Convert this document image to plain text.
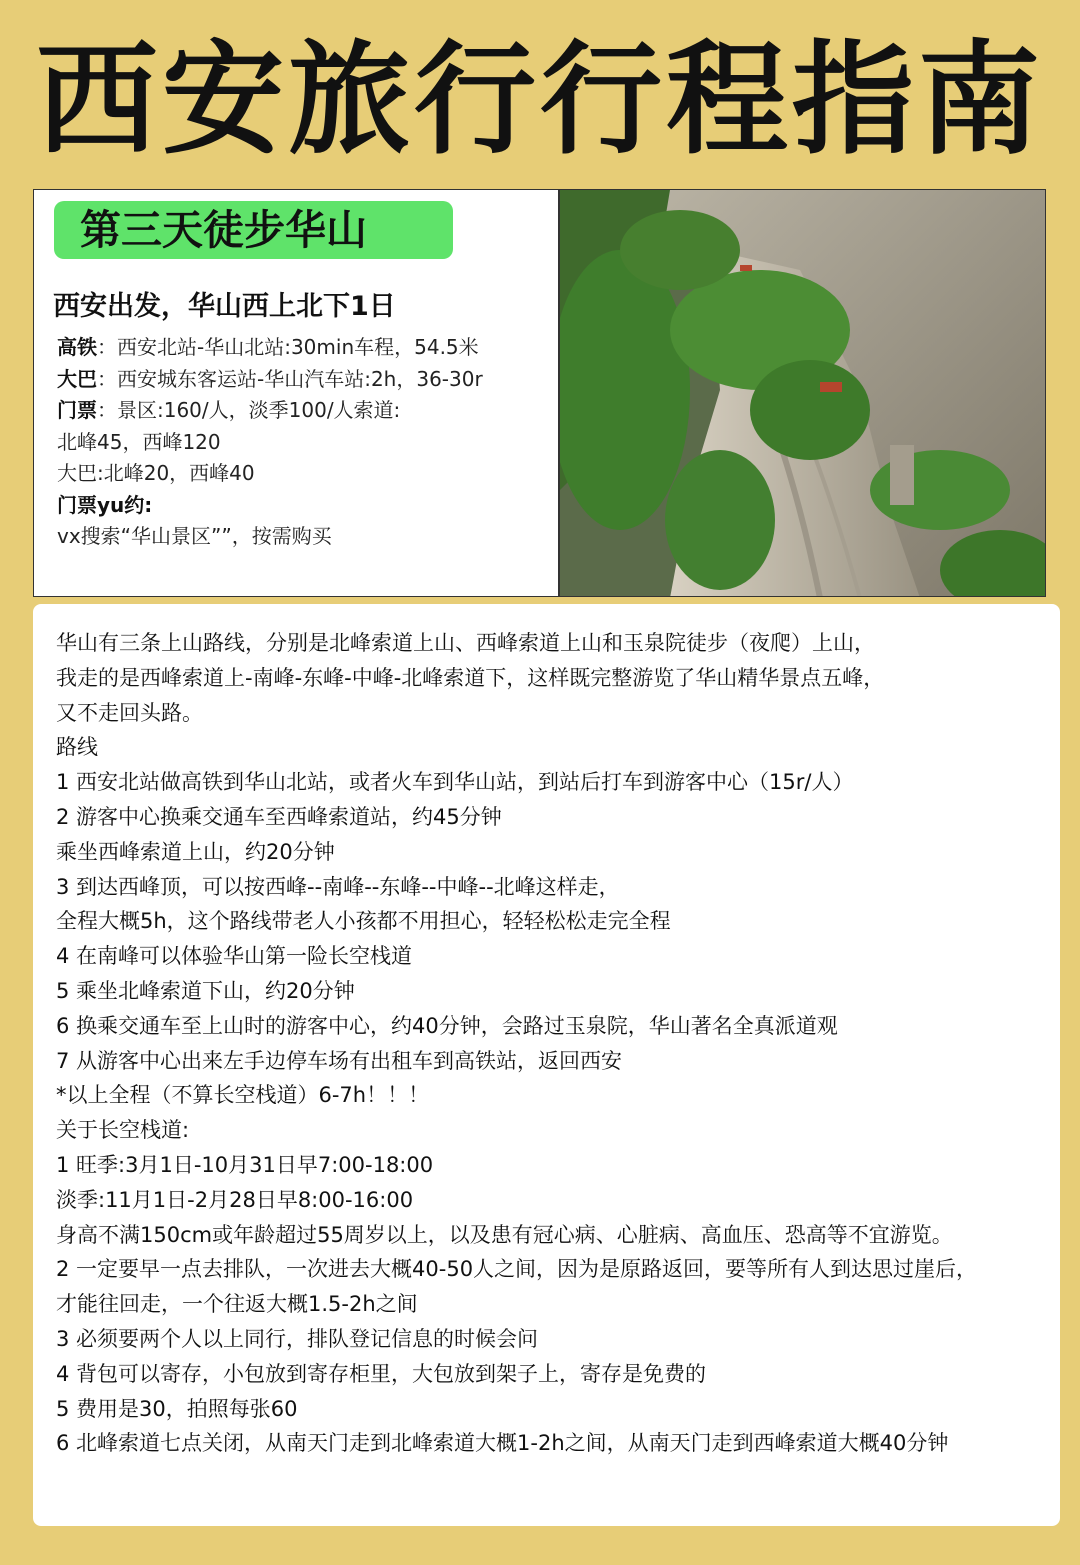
西安旅行行程指南
第三天徒步华山
西安出发，华山西上北下1日
高铁：西安北站-华山北站:30min车程，54.5米
大巴：西安城东客运站-华山汽车站:2h，36-30r
门票：景区:160/人，淡季100/人索道:
北峰45，西峰120
大巴:北峰20，西峰40
门票yu约:
vx搜索“华山景区””，按需购买
华山有三条上山路线，分别是北峰索道上山、西峰索道上山和玉泉院徒步（夜爬）上山，
我走的是西峰索道上-南峰-东峰-中峰-北峰索道下，这样既完整游览了华山精华景点五峰，
又不走回头路。
路线
1 西安北站做高铁到华山北站，或者火车到华山站，到站后打车到游客中心（15r/人）
2 游客中心换乘交通车至西峰索道站，约45分钟
乘坐西峰索道上山，约20分钟
3 到达西峰顶，可以按西峰--南峰--东峰--中峰--北峰这样走，
全程大概5h，这个路线带老人小孩都不用担心，轻轻松松走完全程
4 在南峰可以体验华山第一险长空栈道
5 乘坐北峰索道下山，约20分钟
6 换乘交通车至上山时的游客中心，约40分钟，会路过玉泉院，华山著名全真派道观
7 从游客中心出来左手边停车场有出租车到高铁站，返回西安
*以上全程（不算长空栈道）6-7h！！！
关于长空栈道:
1 旺季:3月1日-10月31日早7:00-18:00
淡季:11月1日-2月28日早8:00-16:00
身高不满150cm或年龄超过55周岁以上，以及患有冠心病、心脏病、高血压、恐高等不宜游览。
2 一定要早一点去排队，一次进去大概40-50人之间，因为是原路返回，要等所有人到达思过崖后，
才能往回走，一个往返大概1.5-2h之间
3 必须要两个人以上同行，排队登记信息的时候会问
4 背包可以寄存，小包放到寄存柜里，大包放到架子上，寄存是免费的
5 费用是30，拍照每张60
6 北峰索道七点关闭，从南天门走到北峰索道大概1-2h之间，从南天门走到西峰索道大概40分钟
